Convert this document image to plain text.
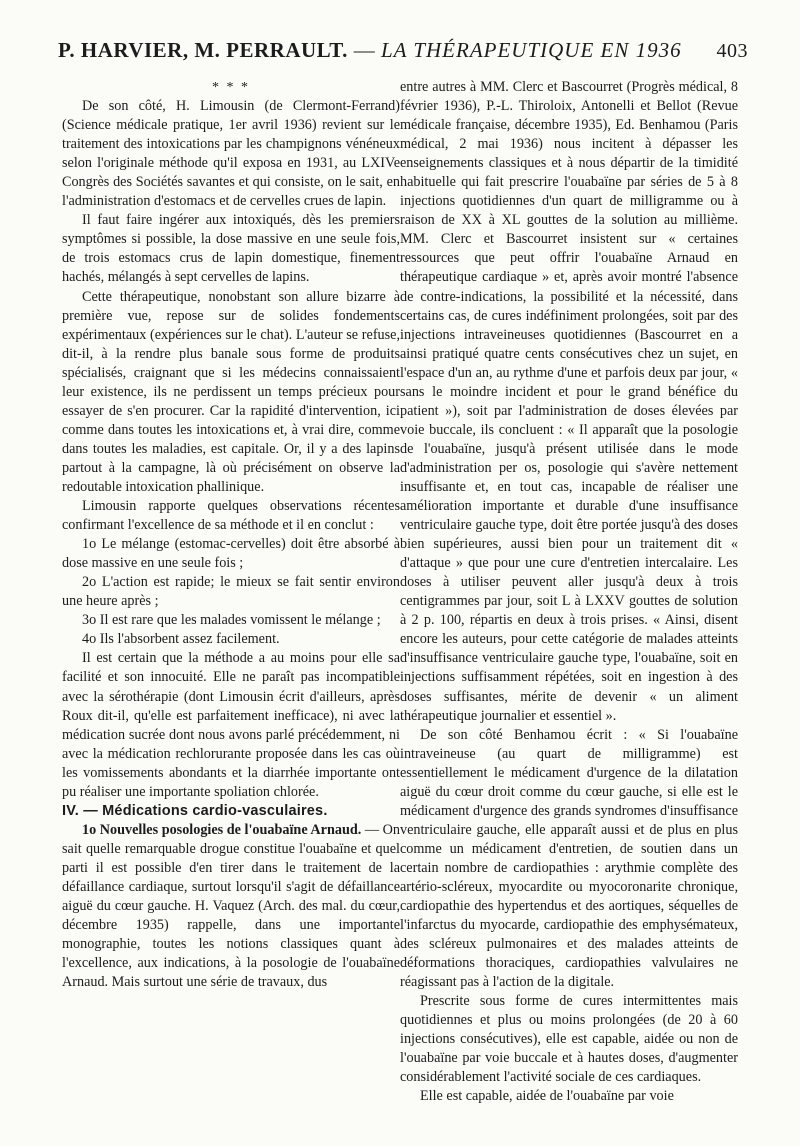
P. HARVIER, M. PERRAULT. — LA THÉRAPEUTIQUE EN 1936 403

* * *

De son côté, H. Limousin (de Clermont-Ferrand) (Science médicale pratique, 1er avril 1936) revient sur le traitement des intoxications par les champignons vénéneux selon l'originale méthode qu'il exposa en 1931, au LXIVe Congrès des Sociétés savantes et qui consiste, on le sait, en l'administration d'estomacs et de cervelles crues de lapin.

Il faut faire ingérer aux intoxiqués, dès les premiers symptômes si possible, la dose massive en une seule fois, de trois estomacs crus de lapin domestique, finement hachés, mélangés à sept cervelles de lapins.

Cette thérapeutique, nonobstant son allure bizarre à première vue, repose sur de solides fondements expérimentaux (expériences sur le chat). L'auteur se refuse, dit-il, à la rendre plus banale sous forme de produits spécialisés, craignant que si les médecins connaissaient leur existence, ils ne perdissent un temps précieux pour essayer de s'en procurer. Car la rapidité d'intervention, ici comme dans toutes les intoxications et, à vrai dire, comme dans toutes les maladies, est capitale. Or, il y a des lapins partout à la campagne, là où précisément on observe la redoutable intoxication phallinique.

Limousin rapporte quelques observations récentes confirmant l'excellence de sa méthode et il en conclut :

1o Le mélange (estomac-cervelles) doit être absorbé à dose massive en une seule fois ;

2o L'action est rapide; le mieux se fait sentir environ une heure après ;

3o Il est rare que les malades vomissent le mélange ;

4o Ils l'absorbent assez facilement.

Il est certain que la méthode a au moins pour elle sa facilité et son innocuité. Elle ne paraît pas incompatible avec la sérothérapie (dont Limousin écrit d'ailleurs, après Roux dit-il, qu'elle est parfaitement inefficace), ni avec la médication sucrée dont nous avons parlé précédemment, ni avec la médication rechlorurante proposée dans les cas où les vomissements abondants et la diarrhée importante ont pu réaliser une importante spoliation chlorée.

IV. — Médications cardio-vasculaires.

1o Nouvelles posologies de l'ouabaïne Arnaud. — On sait quelle remarquable drogue constitue l'ouabaïne et quel parti il est possible d'en tirer dans le traitement de la défaillance cardiaque, surtout lorsqu'il s'agit de défaillance aiguë du cœur gauche. H. Vaquez (Arch. des mal. du cœur, décembre 1935) rappelle, dans une importante monographie, toutes les notions classiques quant à l'excellence, aux indications, à la posologie de l'ouabaïne Arnaud. Mais surtout une série de travaux, dus

entre autres à MM. Clerc et Bascourret (Progrès médical, 8 février 1936), P.-L. Thiroloix, Antonelli et Bellot (Revue médicale française, décembre 1935), Ed. Benhamou (Paris médical, 2 mai 1936) nous incitent à dépasser les enseignements classiques et à nous départir de la timidité habituelle qui fait prescrire l'ouabaïne par séries de 5 à 8 injections quotidiennes d'un quart de milligramme ou à raison de XX à XL gouttes de la solution au millième. MM. Clerc et Bascourret insistent sur « certaines ressources que peut offrir l'ouabaïne Arnaud en thérapeutique cardiaque » et, après avoir montré l'absence de contre-indications, la possibilité et la nécessité, dans certains cas, de cures indéfiniment prolongées, soit par des injections intraveineuses quotidiennes (Bascourret en a ainsi pratiqué quatre cents consécutives chez un sujet, en l'espace d'un an, au rythme d'une et parfois deux par jour, « sans le moindre incident et pour le grand bénéfice du patient »), soit par l'administration de doses élevées par voie buccale, ils concluent : « Il apparaît que la posologie de l'ouabaïne, jusqu'à présent utilisée dans le mode d'administration per os, posologie qui s'avère nettement insuffisante et, en tout cas, incapable de réaliser une amélioration importante et durable d'une insuffisance ventriculaire gauche type, doit être portée jusqu'à des doses bien supérieures, aussi bien pour un traitement dit « d'attaque » que pour une cure d'entretien intercalaire. Les doses à utiliser peuvent aller jusqu'à deux à trois centigrammes par jour, soit L à LXXV gouttes de solution à 2 p. 100, répartis en deux à trois prises. « Ainsi, disent encore les auteurs, pour cette catégorie de malades atteints d'insuffisance ventriculaire gauche type, l'ouabaïne, soit en injections suffisamment répétées, soit en ingestion à des doses suffisantes, mérite de devenir « un aliment thérapeutique journalier et essentiel ».

De son côté Benhamou écrit : « Si l'ouabaïne intraveineuse (au quart de milligramme) est essentiellement le médicament d'urgence de la dilatation aiguë du cœur droit comme du cœur gauche, si elle est le médicament d'urgence des grands syndromes d'insuffisance ventriculaire gauche, elle apparaît aussi et de plus en plus comme un médicament d'entretien, de soutien dans un certain nombre de cardiopathies : arythmie complète des artério-scléreux, myocardite ou myocoronarite chronique, cardiopathie des hypertendus et des aortiques, séquelles de l'infarctus du myocarde, cardiopathie des emphysémateux, des scléreux pulmonaires et des malades atteints de déformations thoraciques, cardiopathies valvulaires ne réagissant pas à l'action de la digitale.

Prescrite sous forme de cures intermittentes mais quotidiennes et plus ou moins prolongées (de 20 à 60 injections consécutives), elle est capable, aidée ou non de l'ouabaïne par voie buccale et à hautes doses, d'augmenter considérablement l'activité sociale de ces cardiaques.

Elle est capable, aidée de l'ouabaïne par voie
